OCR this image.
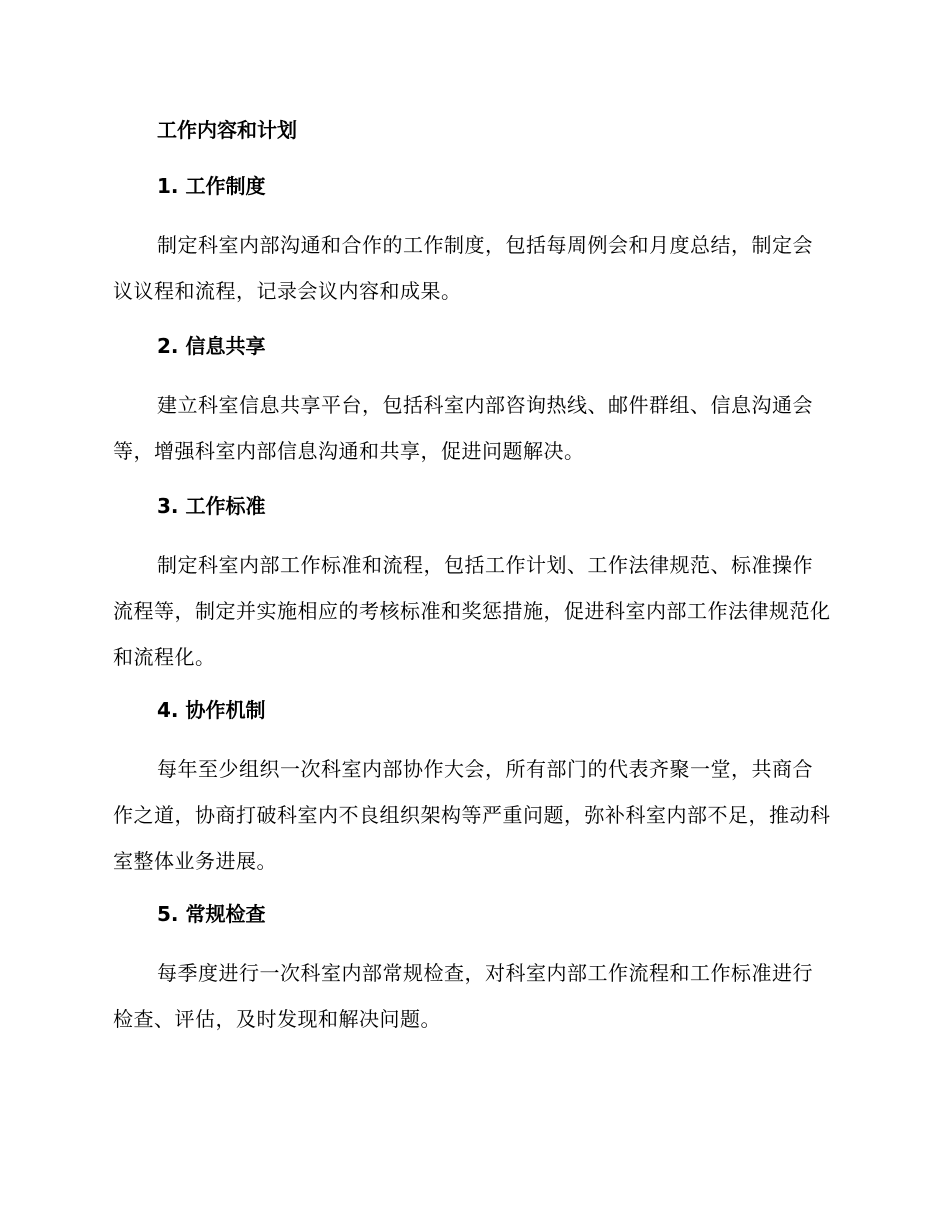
工作内容和计划
1. 工作制度

制定科室内部沟通和合作的工作制度，包括每周例会和月度总结，制定会议议程和流程，记录会议内容和成果。

2. 信息共享

建立科室信息共享平台，包括科室内部咨询热线、邮件群组、信息沟通会等，增强科室内部信息沟通和共享，促进问题解决。

3. 工作标准

制定科室内部工作标准和流程，包括工作计划、工作法律规范、标准操作流程等，制定并实施相应的考核标准和奖惩措施，促进科室内部工作法律规范化和流程化。

4. 协作机制

每年至少组织一次科室内部协作大会，所有部门的代表齐聚一堂，共商合作之道，协商打破科室内不良组织架构等严重问题，弥补科室内部不足，推动科室整体业务进展。

5. 常规检查

每季度进行一次科室内部常规检查，对科室内部工作流程和工作标准进行检查、评估，及时发现和解决问题。
